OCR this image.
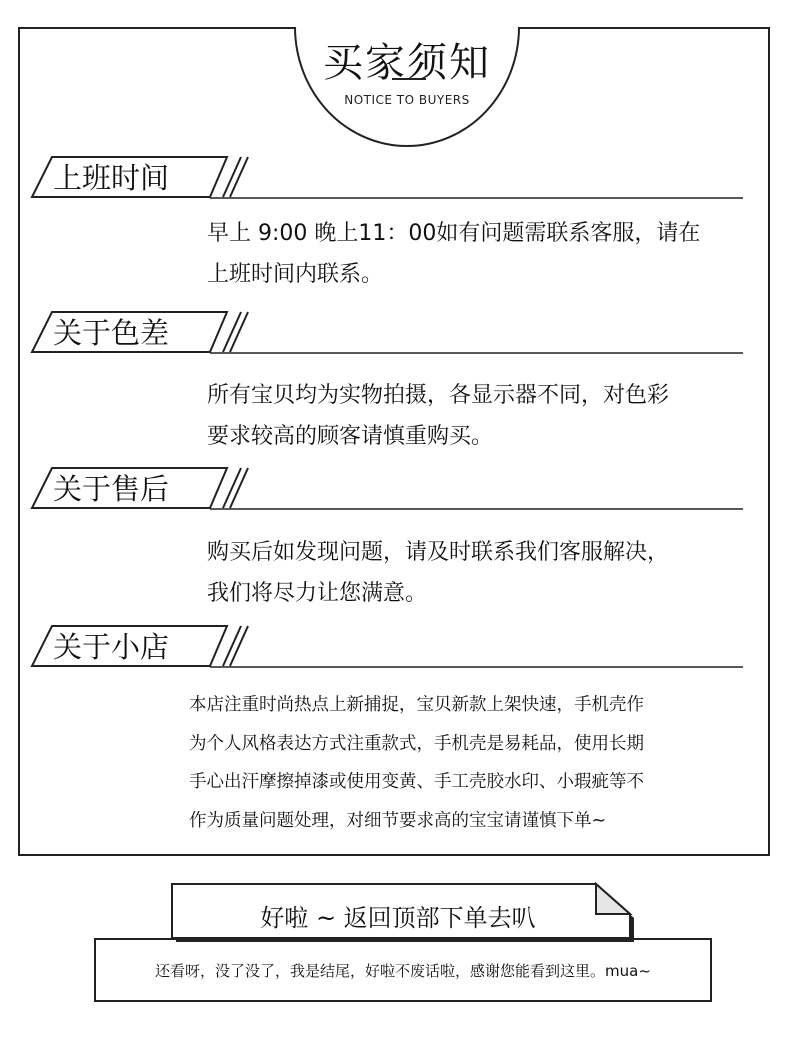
买家须知
NOTICE TO BUYERS
上班时间
早上 9:00 晚上11：00如有问题需联系客服，请在
上班时间内联系。
关于色差
所有宝贝均为实物拍摄，各显示器不同，对色彩
要求较高的顾客请慎重购买。
关于售后
购买后如发现问题，请及时联系我们客服解决，
我们将尽力让您满意。
关于小店
本店注重时尚热点上新捕捉，宝贝新款上架快速，手机壳作
为个人风格表达方式注重款式，手机壳是易耗品，使用长期
手心出汗摩擦掉漆或使用变黄、手工壳胶水印、小瑕疵等不
作为质量问题处理，对细节要求高的宝宝请谨慎下单~
还看呀，没了没了，我是结尾，好啦不废话啦，感谢您能看到这里。mua~
好啦 ~ 返回顶部下单去叭
